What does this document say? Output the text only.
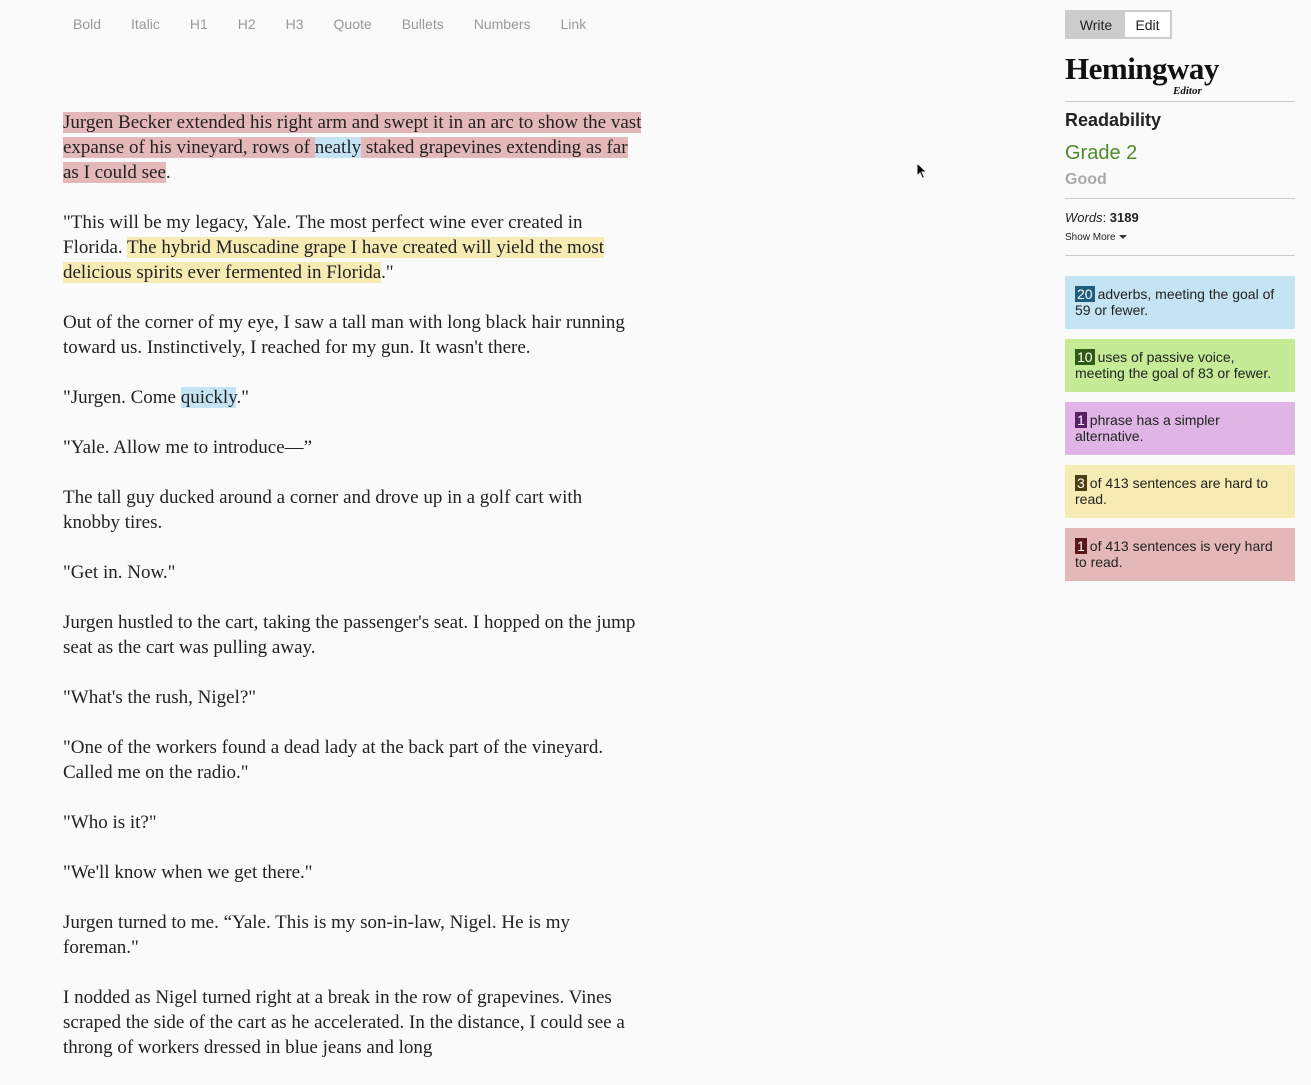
Bold	Italic	H1	H2	H3	Quote	Bullets	Numbers	Link

Jurgen Becker extended his right arm and swept it in an arc to show the vast expanse of his vineyard, rows of neatly staked grapevines extending as far as I could see.

"This will be my legacy, Yale. The most perfect wine ever created in Florida. The hybrid Muscadine grape I have created will yield the most delicious spirits ever fermented in Florida."

Out of the corner of my eye, I saw a tall man with long black hair running toward us. Instinctively, I reached for my gun. It wasn't there.

"Jurgen. Come quickly."

"Yale. Allow me to introduce—”

The tall guy ducked around a corner and drove up in a golf cart with knobby tires.

"Get in. Now."

Jurgen hustled to the cart, taking the passenger's seat. I hopped on the jump seat as the cart was pulling away.

"What's the rush, Nigel?"

"One of the workers found a dead lady at the back part of the vineyard. Called me on the radio."

"Who is it?"

"We'll know when we get there."

Jurgen turned to me. “Yale. This is my son-in-law, Nigel. He is my foreman."

I nodded as Nigel turned right at a break in the row of grapevines. Vines scraped the side of the cart as he accelerated. In the distance, I could see a throng of workers dressed in blue jeans and long

Write	Edit
Hemingway
Editor
Readability
Grade 2
Good
Words: 3189
Show More
20 adverbs, meeting the goal of 59 or fewer.
10 uses of passive voice, meeting the goal of 83 or fewer.
1 phrase has a simpler alternative.
3 of 413 sentences are hard to read.
1 of 413 sentences is very hard to read.
